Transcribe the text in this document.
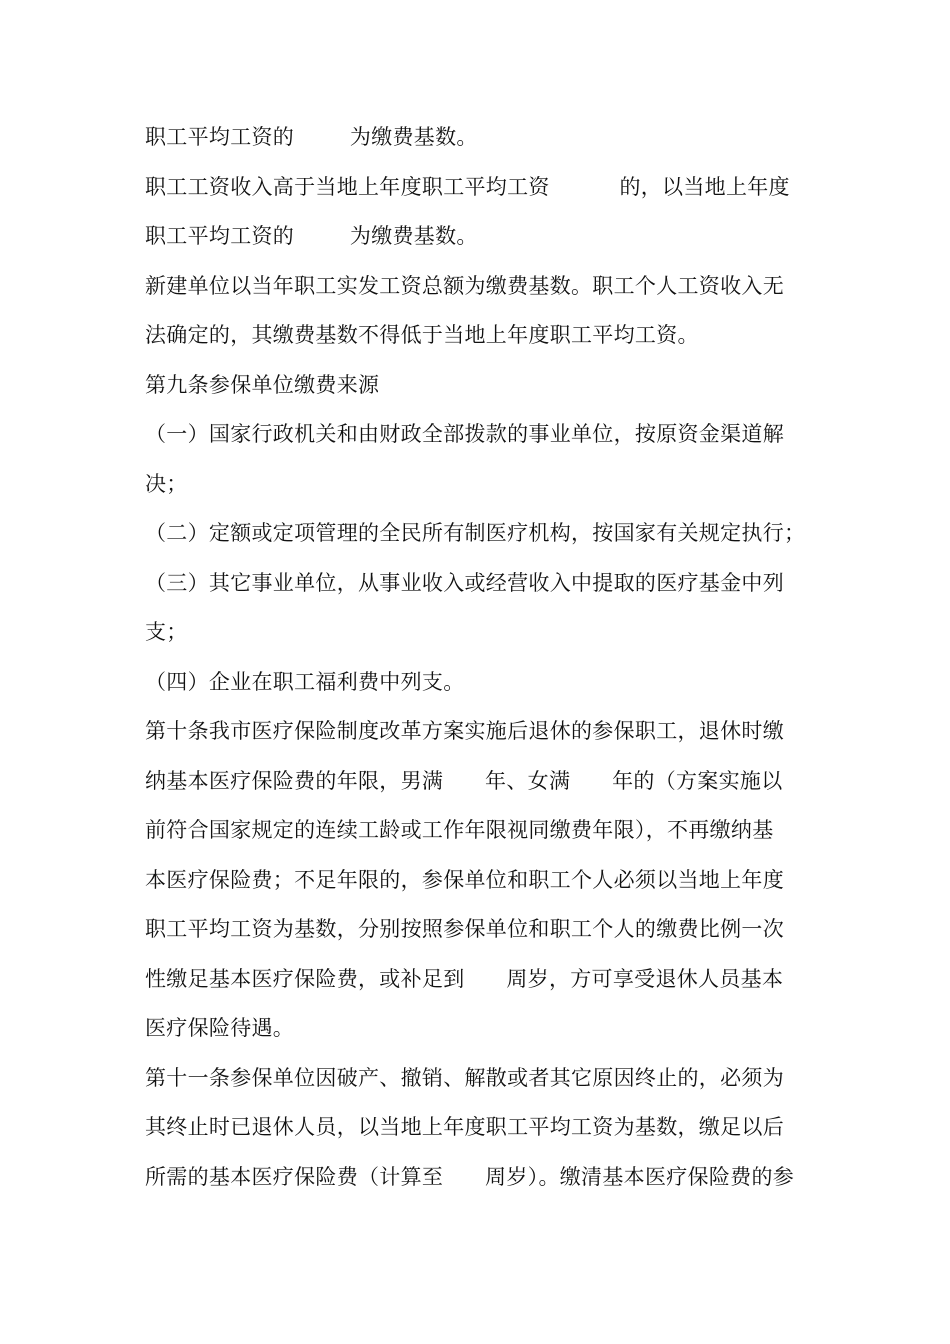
职工平均工资的        为缴费基数。
职工工资收入高于当地上年度职工平均工资          的，以当地上年度
职工平均工资的        为缴费基数。
新建单位以当年职工实发工资总额为缴费基数。职工个人工资收入无
法确定的，其缴费基数不得低于当地上年度职工平均工资。
第九条参保单位缴费来源
（一）国家行政机关和由财政全部拨款的事业单位，按原资金渠道解
决；
（二）定额或定项管理的全民所有制医疗机构，按国家有关规定执行；
（三）其它事业单位，从事业收入或经营收入中提取的医疗基金中列
支；
（四）企业在职工福利费中列支。
第十条我市医疗保险制度改革方案实施后退休的参保职工，退休时缴
纳基本医疗保险费的年限，男满      年、女满      年的（方案实施以
前符合国家规定的连续工龄或工作年限视同缴费年限），不再缴纳基
本医疗保险费；不足年限的，参保单位和职工个人必须以当地上年度
职工平均工资为基数，分别按照参保单位和职工个人的缴费比例一次
性缴足基本医疗保险费，或补足到      周岁，方可享受退休人员基本
医疗保险待遇。
第十一条参保单位因破产、撤销、解散或者其它原因终止的，必须为
其终止时已退休人员，以当地上年度职工平均工资为基数，缴足以后
所需的基本医疗保险费（计算至      周岁）。缴清基本医疗保险费的参
